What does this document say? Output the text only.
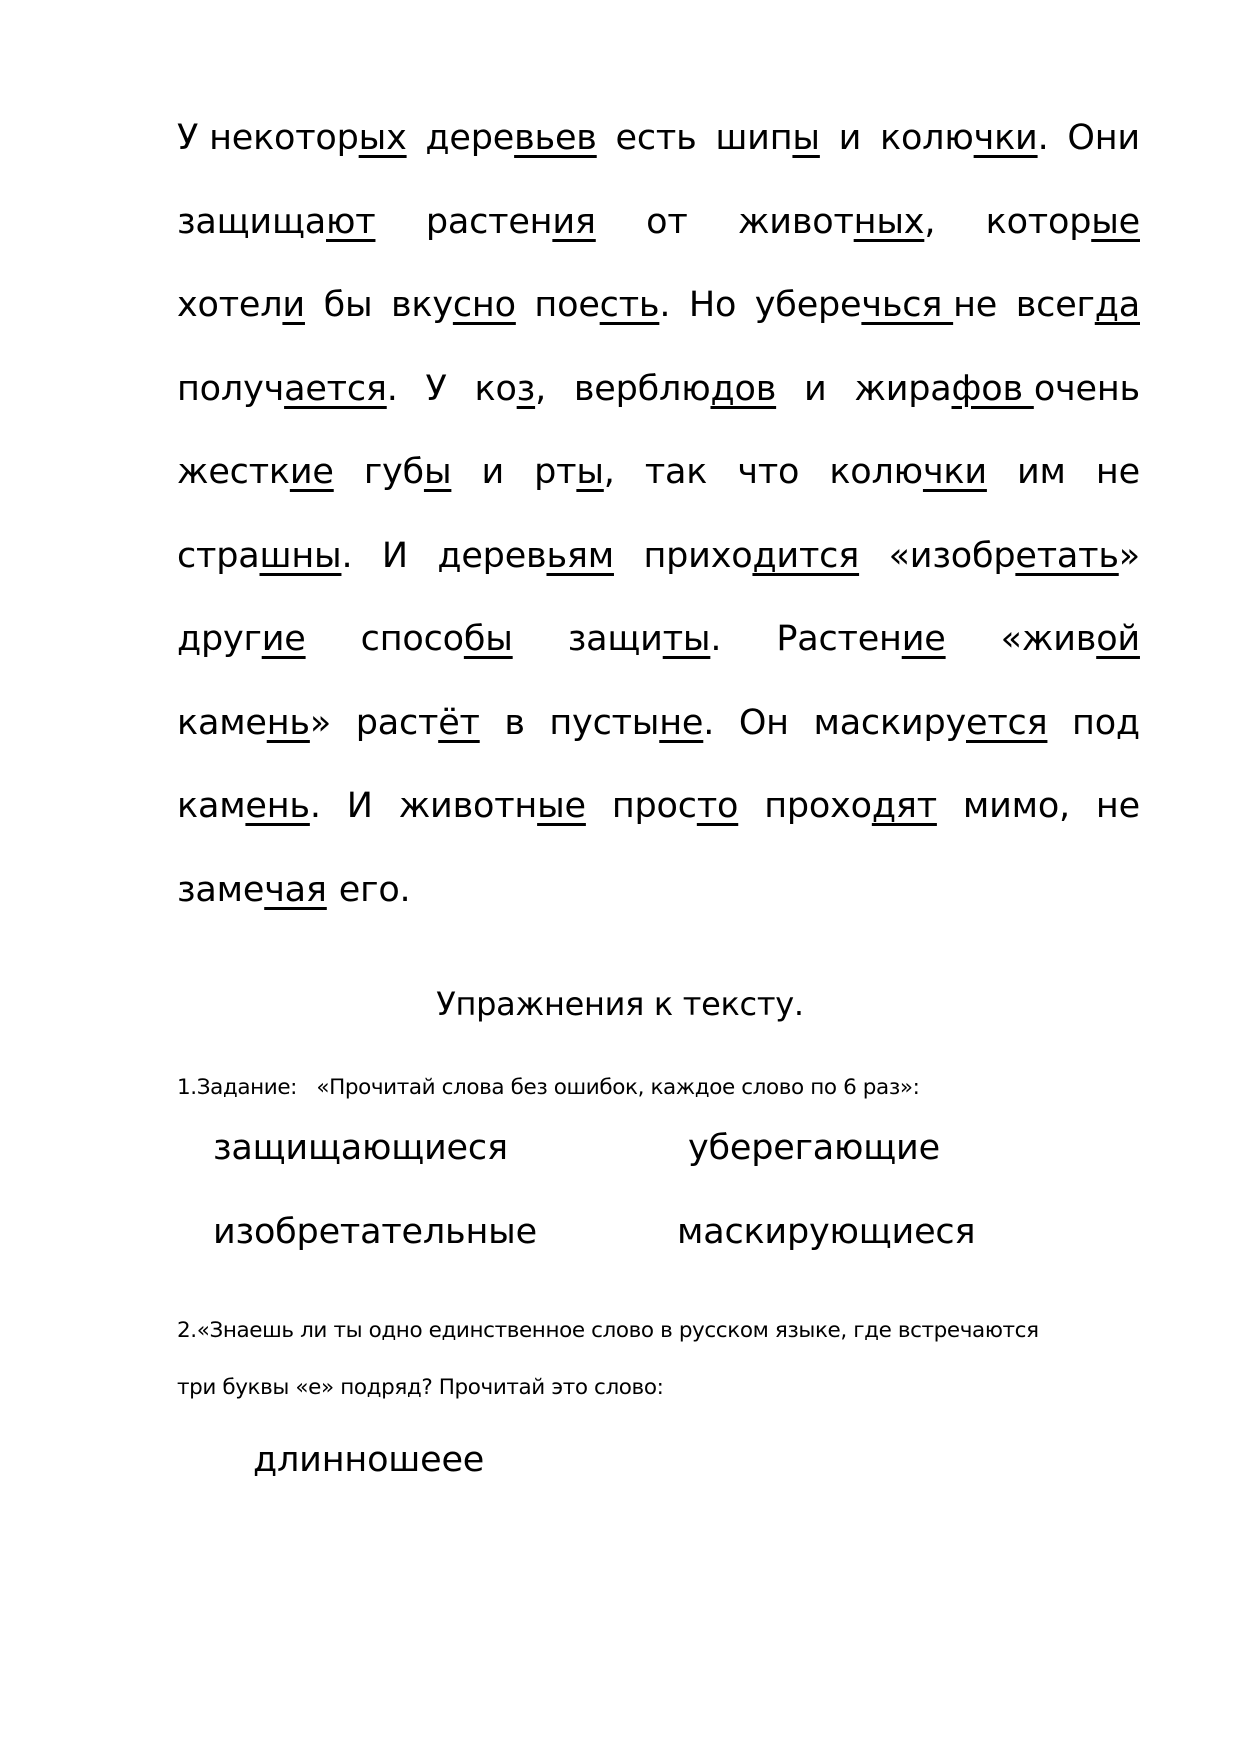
У некоторых деревьев есть шипы и колючки. Они
защищают растения от животных, которые
хотели бы вкусно поесть. Но уберечься не всегда
получается. У коз, верблюдов и жирафов очень
жесткие губы и рты, так что колючки им не
страшны. И деревьям приходится «изобретать»
другие способы защиты. Растение «живой
камень» растёт в пустыне. Он маскируется под
камень. И животные просто проходят мимо, не
замечая его.
Упражнения к тексту.
1.Задание: «Прочитай слова без ошибок, каждое слово по 6 раз»:
защищающиеся	уберегающие
изобретательные	маскирующиеся
2.«Знаешь ли ты одно единственное слово в русском языке, где встречаются
три буквы «е» подряд? Прочитай это слово:
длинношеее
